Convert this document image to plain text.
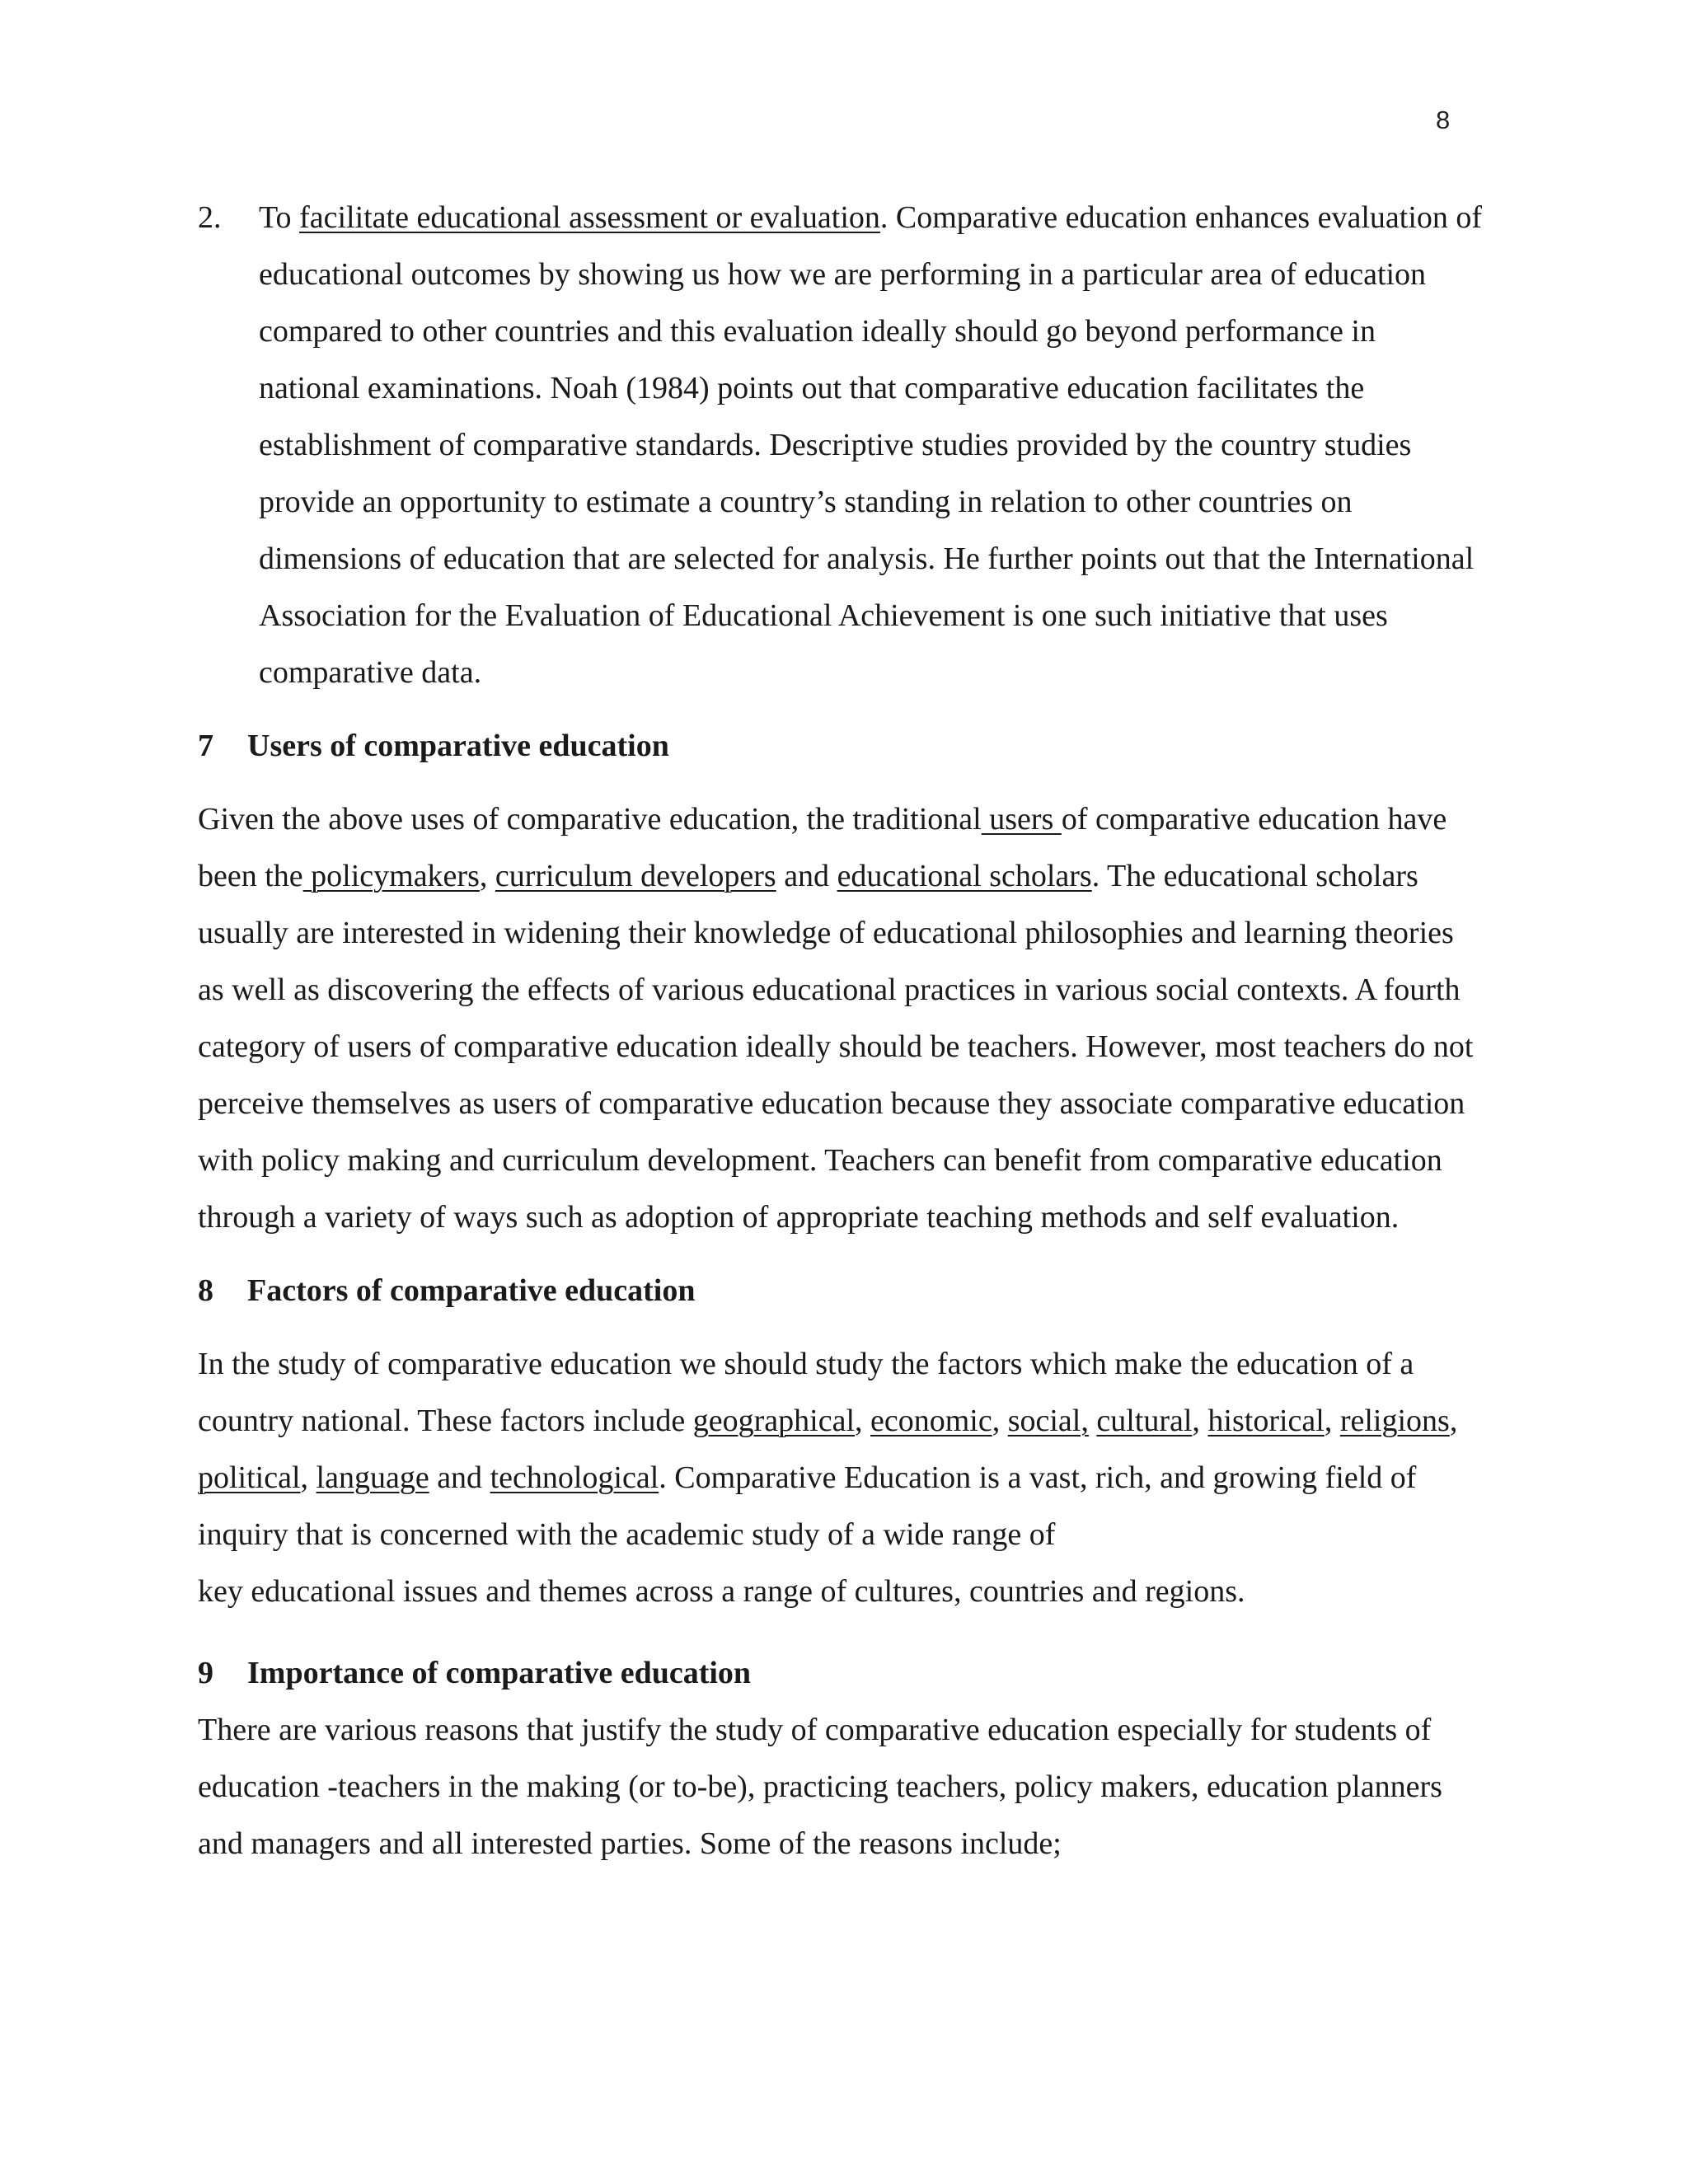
8

2. To facilitate educational assessment or evaluation. Comparative education enhances evaluation of educational outcomes by showing us how we are performing in a particular area of education compared to other countries and this evaluation ideally should go beyond performance in national examinations. Noah (1984) points out that comparative education facilitates the establishment of comparative standards. Descriptive studies provided by the country studies provide an opportunity to estimate a country’s standing in relation to other countries on dimensions of education that are selected for analysis. He further points out that the International Association for the Evaluation of Educational Achievement is one such initiative that uses comparative data.

7 Users of comparative education

Given the above uses of comparative education, the traditional users of comparative education have been the policymakers, curriculum developers and educational scholars. The educational scholars usually are interested in widening their knowledge of educational philosophies and learning theories as well as discovering the effects of various educational practices in various social contexts. A fourth category of users of comparative education ideally should be teachers. However, most teachers do not perceive themselves as users of comparative education because they associate comparative education with policy making and curriculum development. Teachers can benefit from comparative education through a variety of ways such as adoption of appropriate teaching methods and self evaluation.

8 Factors of comparative education

In the study of comparative education we should study the factors which make the education of a country national. These factors include geographical, economic, social, cultural, historical, religions, political, language and technological. Comparative Education is a vast, rich, and growing field of inquiry that is concerned with the academic study of a wide range of
key educational issues and themes across a range of cultures, countries and regions.

9 Importance of comparative education

There are various reasons that justify the study of comparative education especially for students of education -teachers in the making (or to-be), practicing teachers, policy makers, education planners and managers and all interested parties. Some of the reasons include;
